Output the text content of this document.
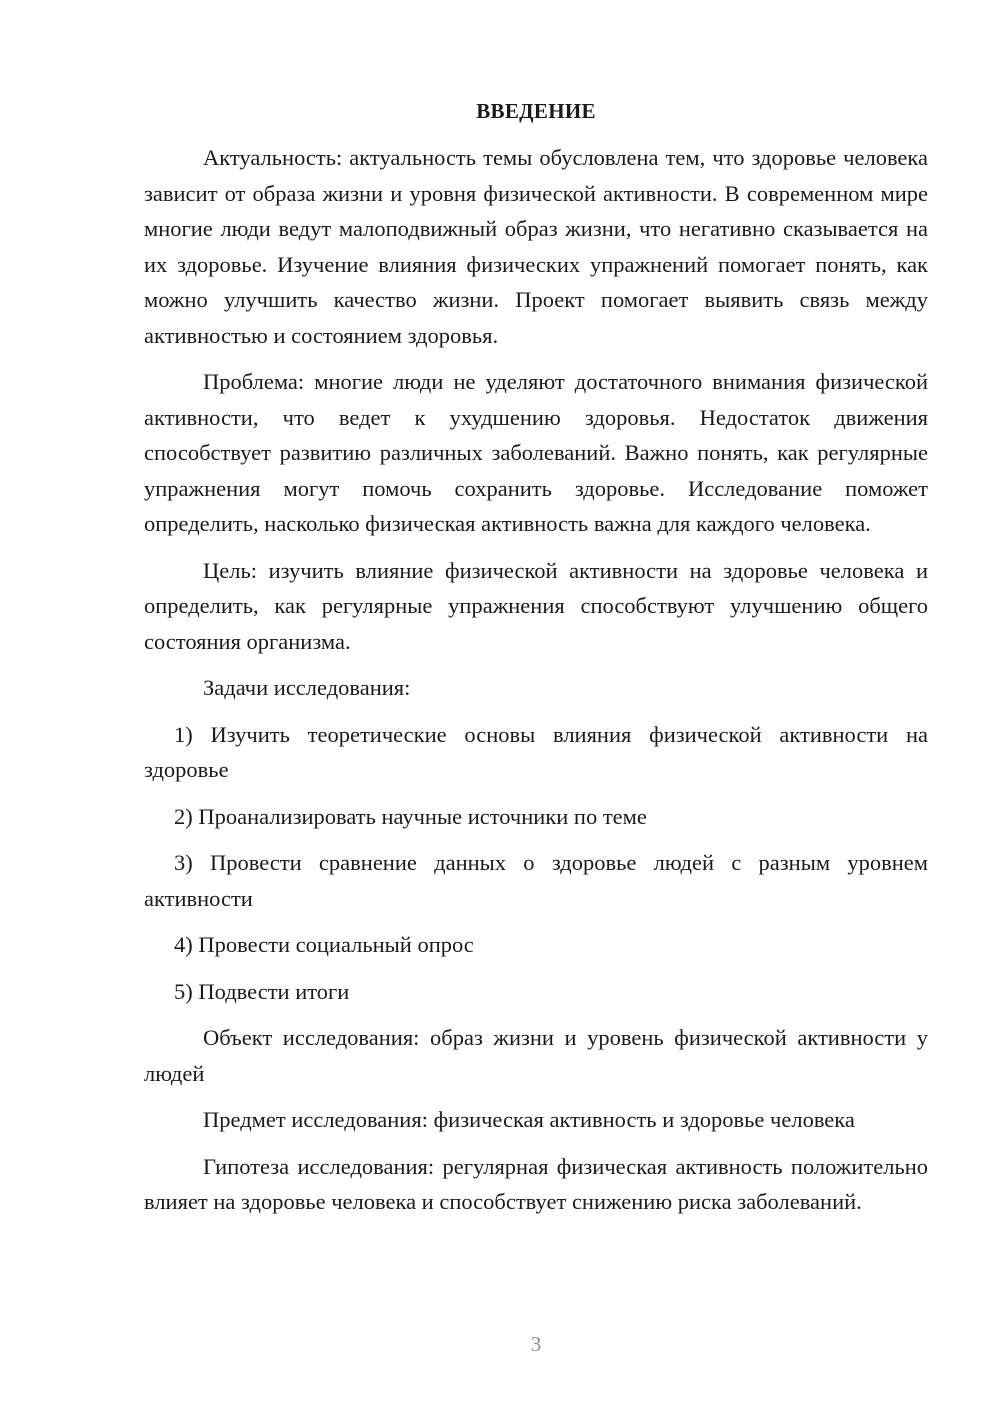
ВВЕДЕНИЕ

Актуальность: актуальность темы обусловлена тем, что здоровье человека зависит от образа жизни и уровня физической активности. В современном мире многие люди ведут малоподвижный образ жизни, что негативно сказывается на их здоровье. Изучение влияния физических упражнений помогает понять, как можно улучшить качество жизни. Проект помогает выявить связь между активностью и состоянием здоровья.

Проблема: многие люди не уделяют достаточного внимания физической активности, что ведет к ухудшению здоровья. Недостаток движения способствует развитию различных заболеваний. Важно понять, как регулярные упражнения могут помочь сохранить здоровье. Исследование поможет определить, насколько физическая активность важна для каждого человека.

Цель: изучить влияние физической активности на здоровье человека и определить, как регулярные упражнения способствуют улучшению общего состояния организма.

Задачи исследования:

1) Изучить теоретические основы влияния физической активности на здоровье

2) Проанализировать научные источники по теме

3) Провести сравнение данных о здоровье людей с разным уровнем активности

4) Провести социальный опрос

5) Подвести итоги

Объект исследования: образ жизни и уровень физической активности у людей

Предмет исследования: физическая активность и здоровье человека

Гипотеза исследования: регулярная физическая активность положительно влияет на здоровье человека и способствует снижению риска заболеваний.

3
